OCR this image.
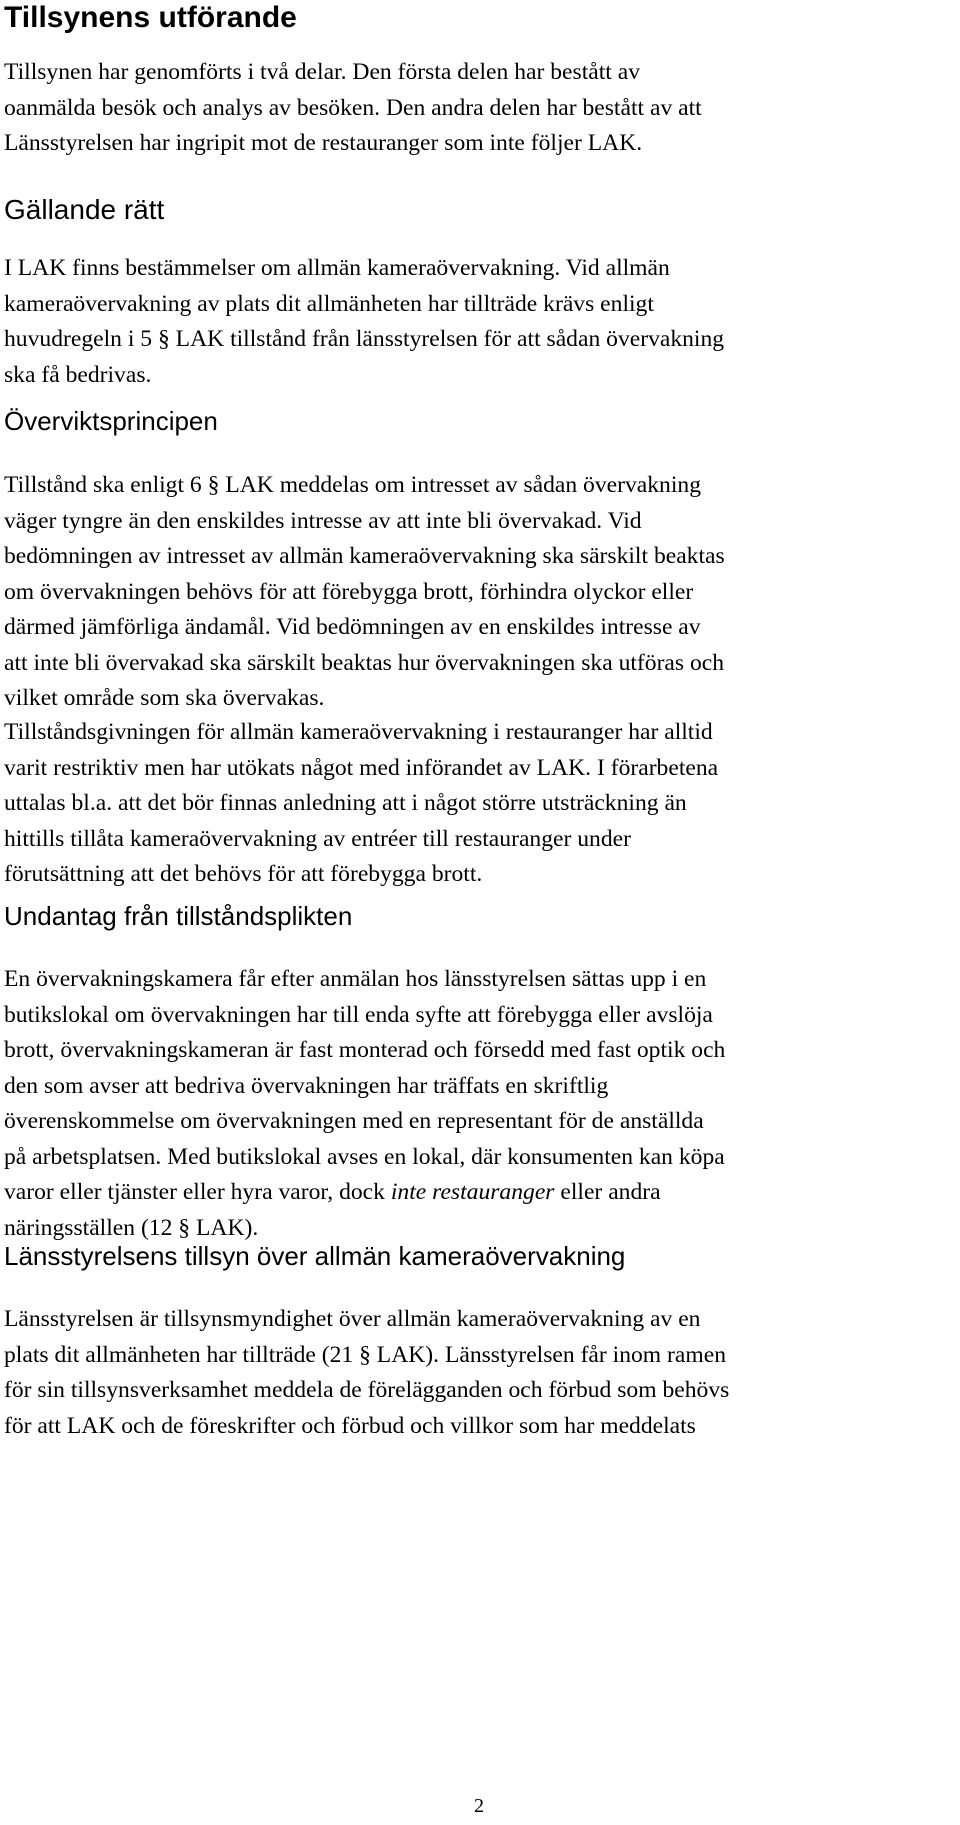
Tillsynens utförande
Tillsynen har genomförts i två delar. Den första delen har bestått av
oanmälda besök och analys av besöken. Den andra delen har bestått av att
Länsstyrelsen har ingripit mot de restauranger som inte följer LAK.
Gällande rätt
I LAK finns bestämmelser om allmän kameraövervakning. Vid allmän
kameraövervakning av plats dit allmänheten har tillträde krävs enligt
huvudregeln i 5 § LAK tillstånd från länsstyrelsen för att sådan övervakning
ska få bedrivas.
Överviktsprincipen
Tillstånd ska enligt 6 § LAK meddelas om intresset av sådan övervakning
väger tyngre än den enskildes intresse av att inte bli övervakad. Vid
bedömningen av intresset av allmän kameraövervakning ska särskilt beaktas
om övervakningen behövs för att förebygga brott, förhindra olyckor eller
därmed jämförliga ändamål. Vid bedömningen av en enskildes intresse av
att inte bli övervakad ska särskilt beaktas hur övervakningen ska utföras och
vilket område som ska övervakas.
Tillståndsgivningen för allmän kameraövervakning i restauranger har alltid
varit restriktiv men har utökats något med införandet av LAK. I förarbetena
uttalas bl.a. att det bör finnas anledning att i något större utsträckning än
hittills tillåta kameraövervakning av entréer till restauranger under
förutsättning att det behövs för att förebygga brott.
Undantag från tillståndsplikten
En övervakningskamera får efter anmälan hos länsstyrelsen sättas upp i en
butikslokal om övervakningen har till enda syfte att förebygga eller avslöja
brott, övervakningskameran är fast monterad och försedd med fast optik och
den som avser att bedriva övervakningen har träffats en skriftlig
överenskommelse om övervakningen med en representant för de anställda
på arbetsplatsen. Med butikslokal avses en lokal, där konsumenten kan köpa
varor eller tjänster eller hyra varor, dock inte restauranger eller andra
näringsställen (12 § LAK).
Länsstyrelsens tillsyn över allmän kameraövervakning
Länsstyrelsen är tillsynsmyndighet över allmän kameraövervakning av en
plats dit allmänheten har tillträde (21 § LAK). Länsstyrelsen får inom ramen
för sin tillsynsverksamhet meddela de förelägganden och förbud som behövs
för att LAK och de föreskrifter och förbud och villkor som har meddelats
2
